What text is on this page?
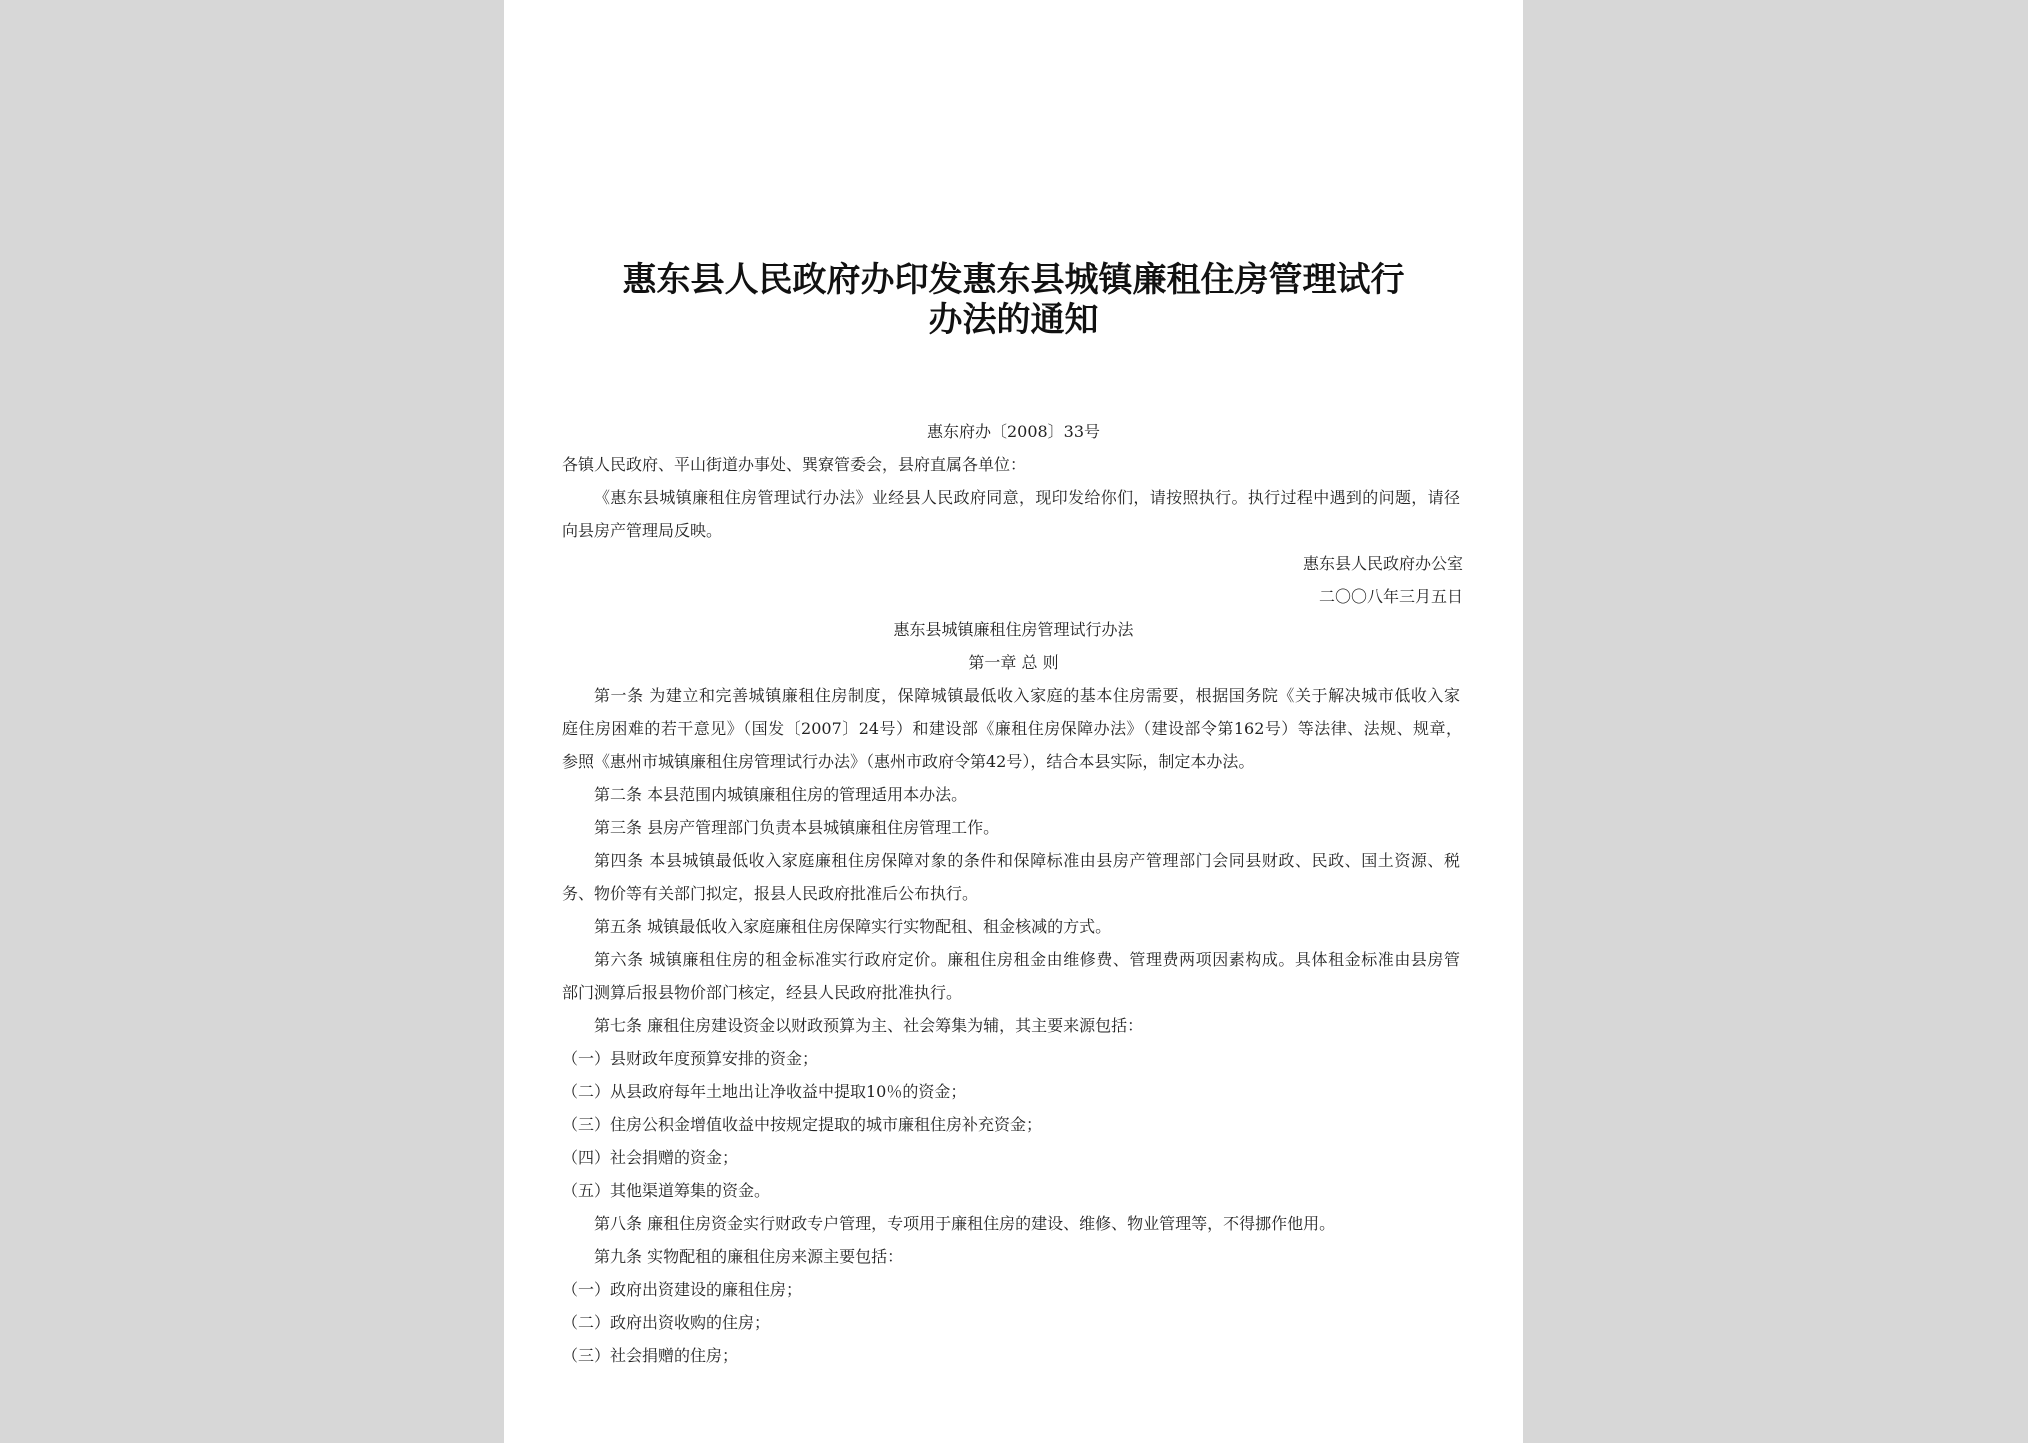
惠东县人民政府办印发惠东县城镇廉租住房管理试行
办法的通知
惠东府办〔2008〕33号
各镇人民政府、平山街道办事处、巽寮管委会，县府直属各单位：
《惠东县城镇廉租住房管理试行办法》业经县人民政府同意，现印发给你们，请按照执行。执行过程中遇到的问题，请径
向县房产管理局反映。
惠东县人民政府办公室
二〇〇八年三月五日
惠东县城镇廉租住房管理试行办法
第一章 总 则
第一条 为建立和完善城镇廉租住房制度，保障城镇最低收入家庭的基本住房需要，根据国务院《关于解决城市低收入家
庭住房困难的若干意见》（国发〔2007〕24号）和建设部《廉租住房保障办法》（建设部令第162号）等法律、法规、规章，
参照《惠州市城镇廉租住房管理试行办法》（惠州市政府令第42号），结合本县实际，制定本办法。
第二条 本县范围内城镇廉租住房的管理适用本办法。
第三条 县房产管理部门负责本县城镇廉租住房管理工作。
第四条 本县城镇最低收入家庭廉租住房保障对象的条件和保障标准由县房产管理部门会同县财政、民政、国土资源、税
务、物价等有关部门拟定，报县人民政府批准后公布执行。
第五条 城镇最低收入家庭廉租住房保障实行实物配租、租金核减的方式。
第六条 城镇廉租住房的租金标准实行政府定价。廉租住房租金由维修费、管理费两项因素构成。具体租金标准由县房管
部门测算后报县物价部门核定，经县人民政府批准执行。
第七条 廉租住房建设资金以财政预算为主、社会筹集为辅，其主要来源包括：
（一）县财政年度预算安排的资金；
（二）从县政府每年土地出让净收益中提取10％的资金；
（三）住房公积金增值收益中按规定提取的城市廉租住房补充资金；
（四）社会捐赠的资金；
（五）其他渠道筹集的资金。
第八条 廉租住房资金实行财政专户管理，专项用于廉租住房的建设、维修、物业管理等，不得挪作他用。
第九条 实物配租的廉租住房来源主要包括：
（一）政府出资建设的廉租住房；
（二）政府出资收购的住房；
（三）社会捐赠的住房；
